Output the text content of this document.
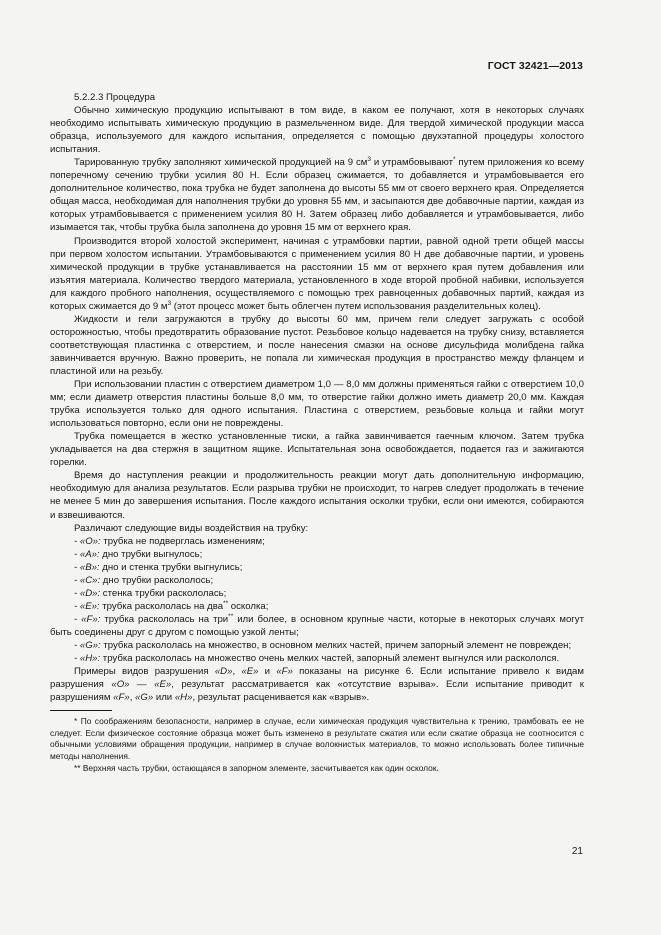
ГОСТ 32421—2013

5.2.2.3 Процедура

Обычно химическую продукцию испытывают в том виде, в каком ее получают, хотя в некоторых случаях необходимо испытывать химическую продукцию в размельченном виде. Для твердой химической продукции масса образца, используемого для каждого испытания, определяется с помощью двухэтапной процедуры холостого испытания.

Тарированную трубку заполняют химической продукцией на 9 $см^3$ и утрамбовывают* путем приложения ко всему поперечному сечению трубки усилия 80 Н. Если образец сжимается, то добавляется и утрамбовывается его дополнительное количество, пока трубка не будет заполнена до высоты 55 мм от своего верхнего края. Определяется общая масса, необходимая для наполнения трубки до уровня 55 мм, и засыпаются две добавочные партии, каждая из которых утрамбовывается с применением усилия 80 Н. Затем образец либо добавляется и утрамбовывается, либо изымается так, чтобы трубка была заполнена до уровня 15 мм от верхнего края.

Производится второй холостой эксперимент, начиная с утрамбовки партии, равной одной трети общей массы при первом холостом испытании. Утрамбовываются с применением усилия 80 Н две добавочные партии, и уровень химической продукции в трубке устанавливается на расстоянии 15 мм от верхнего края путем добавления или изъятия материала. Количество твердого материала, установленного в ходе второй пробной набивки, используется для каждого пробного наполнения, осуществляемого с помощью трех равноценных добавочных партий, каждая из которых сжимается до 9 $м^3$ (этот процесс может быть облегчен путем использования разделительных колец).

Жидкости и гели загружаются в трубку до высоты 60 мм, причем гели следует загружать с особой осторожностью, чтобы предотвратить образование пустот. Резьбовое кольцо надевается на трубку снизу, вставляется соответствующая пластинка с отверстием, и после нанесения смазки на основе дисульфида молибдена гайка завинчивается вручную. Важно проверить, не попала ли химическая продукция в пространство между фланцем и пластиной или на резьбу.

При использовании пластин с отверстием диаметром 1,0 — 8,0 мм должны применяться гайки с отверстием 10,0 мм; если диаметр отверстия пластины больше 8,0 мм, то отверстие гайки должно иметь диаметр 20,0 мм. Каждая трубка используется только для одного испытания. Пластина с отверстием, резьбовые кольца и гайки могут использоваться повторно, если они не повреждены.

Трубка помещается в жестко установленные тиски, а гайка завинчивается гаечным ключом. Затем трубка укладывается на два стержня в защитном ящике. Испытательная зона освобождается, подается газ и зажигаются горелки.

Время до наступления реакции и продолжительность реакции могут дать дополнительную информацию, необходимую для анализа результатов. Если разрыва трубки не происходит, то нагрев следует продолжать в течение не менее 5 мин до завершения испытания. После каждого испытания осколки трубки, если они имеются, собираются и взвешиваются.

Различают следующие виды воздействия на трубку:

- «O»: трубка не подверглась изменениям;

- «A»: дно трубки выгнулось;

- «B»: дно и стенка трубки выгнулись;

- «C»: дно трубки раскололось;

- «D»: стенка трубки раскололась;

- «E»: трубка раскололась на два** осколка;

- «F»: трубка раскололась на три** или более, в основном крупные части, которые в некоторых случаях могут быть соединены друг с другом с помощью узкой ленты;

- «G»: трубка раскололась на множество, в основном мелких частей, причем запорный элемент не поврежден;

- «H»: трубка раскололась на множество очень мелких частей, запорный элемент выгнулся или раскололся.

Примеры видов разрушения «D», «E» и «F» показаны на рисунке 6. Если испытание привело к видам разрушения «O» — «E», результат рассматривается как «отсутствие взрыва». Если испытание приводит к разрушениям «F», «G» или «H», результат расценивается как «взрыв».

* По соображениям безопасности, например в случае, если химическая продукция чувствительна к трению, трамбовать ее не следует. Если физическое состояние образца может быть изменено в результате сжатия или если сжатие образца не соотносится с обычными условиями обращения продукции, например в случае волокнистых материалов, то можно использовать более типичные методы наполнения.

** Верхняя часть трубки, остающаяся в запорном элементе, засчитывается как один осколок.

21
